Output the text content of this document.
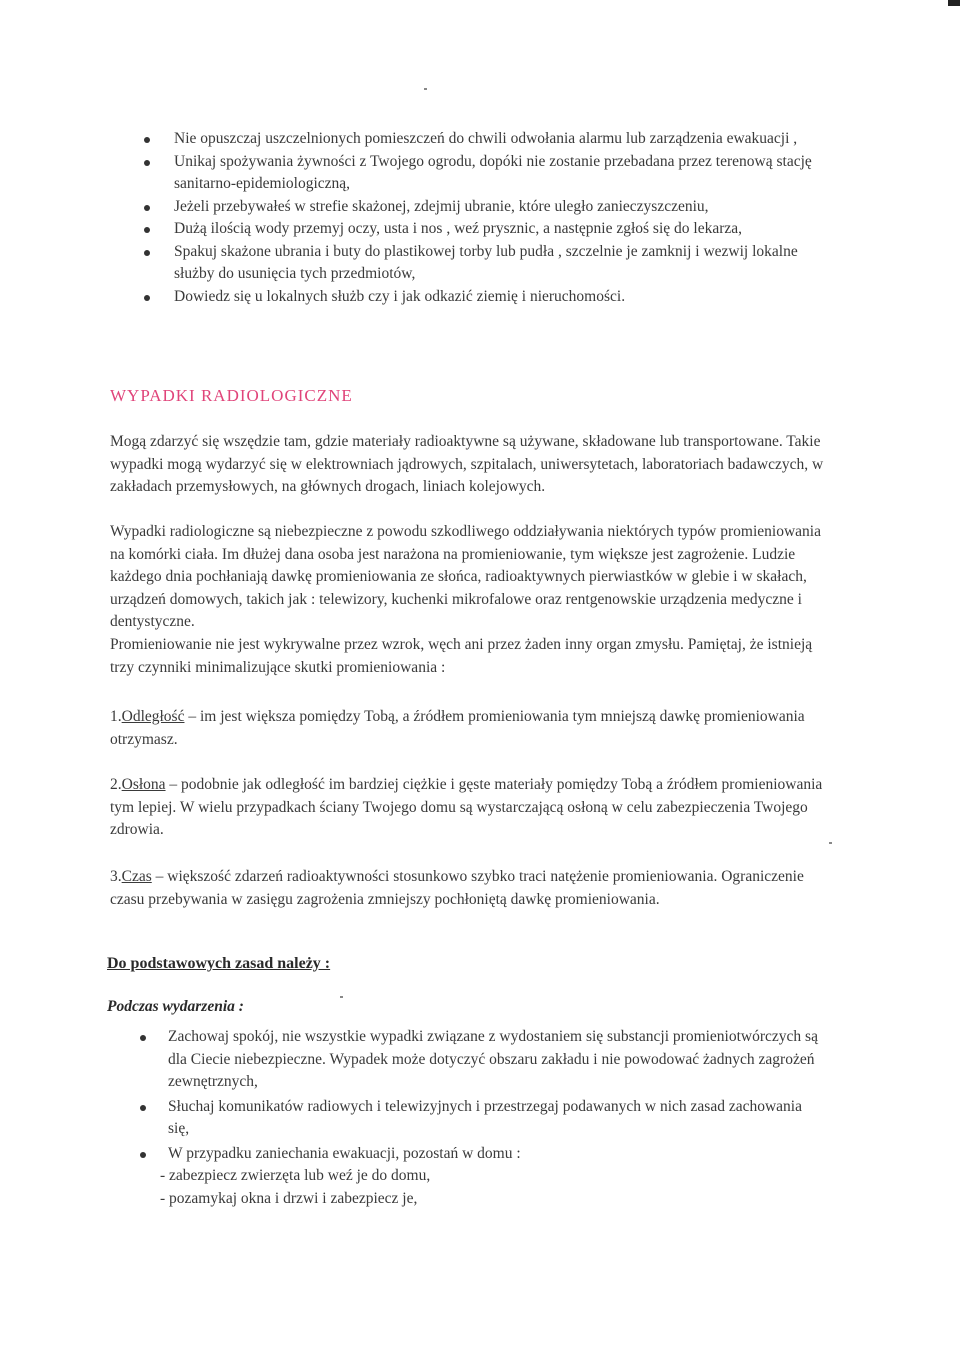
Nie opuszczaj uszczelnionych pomieszczeń do chwili odwołania alarmu lub zarządzenia ewakuacji ,
Unikaj spożywania żywności z Twojego ogrodu, dopóki nie zostanie przebadana przez terenową stację sanitarno-epidemiologiczną,
Jeżeli przebywałeś w strefie skażonej, zdejmij ubranie, które uległo zanieczyszczeniu,
Dużą ilością wody przemyj oczy, usta i nos , weź prysznic, a następnie zgłoś się do lekarza,
Spakuj skażone ubrania i buty do plastikowej torby lub pudła , szczelnie je zamknij i wezwij lokalne służby do usunięcia tych przedmiotów,
Dowiedz się u lokalnych służb czy i jak odkazić ziemię i nieruchomości.
WYPADKI RADIOLOGICZNE

Mogą zdarzyć się wszędzie tam, gdzie materiały radioaktywne są używane, składowane lub transportowane. Takie wypadki mogą wydarzyć się w elektrowniach jądrowych, szpitalach, uniwersytetach, laboratoriach badawczych, w zakładach przemysłowych, na głównych drogach, liniach kolejowych.

Wypadki radiologiczne są niebezpieczne z powodu szkodliwego oddziaływania niektórych typów promieniowania na komórki ciała. Im dłużej dana osoba jest narażona na promieniowanie, tym większe jest zagrożenie. Ludzie każdego dnia pochłaniają dawkę promieniowania ze słońca, radioaktywnych pierwiastków w glebie i w skałach, urządzeń domowych, takich jak : telewizory, kuchenki mikrofalowe oraz rentgenowskie urządzenia medyczne i dentystyczne.

Promieniowanie nie jest wykrywalne przez wzrok, węch ani przez żaden inny organ zmysłu. Pamiętaj, że istnieją trzy czynniki minimalizujące skutki promieniowania :

1.Odległość – im jest większa pomiędzy Tobą, a źródłem promieniowania tym mniejszą dawkę promieniowania otrzymasz.

2.Osłona – podobnie jak odległość im bardziej ciężkie i gęste materiały pomiędzy Tobą a źródłem promieniowania tym lepiej. W wielu przypadkach ściany Twojego domu są wystarczającą osłoną w celu zabezpieczenia Twojego zdrowia.

3.Czas – większość zdarzeń radioaktywności stosunkowo szybko traci natężenie promieniowania. Ograniczenie czasu przebywania w zasięgu zagrożenia zmniejszy pochłoniętą dawkę promieniowania.

Do podstawowych zasad należy :
Podczas wydarzenia :
Zachowaj spokój, nie wszystkie wypadki związane z wydostaniem się substancji promieniotwórczych są dla Ciecie niebezpieczne. Wypadek może dotyczyć obszaru zakładu i nie powodować żadnych zagrożeń zewnętrznych,
Słuchaj komunikatów radiowych i telewizyjnych i przestrzegaj podawanych w nich zasad zachowania się,
W przypadku zaniechania ewakuacji, pozostań w domu :
- zabezpiecz zwierzęta lub weź je do domu,
- pozamykaj okna i drzwi i zabezpiecz je,
